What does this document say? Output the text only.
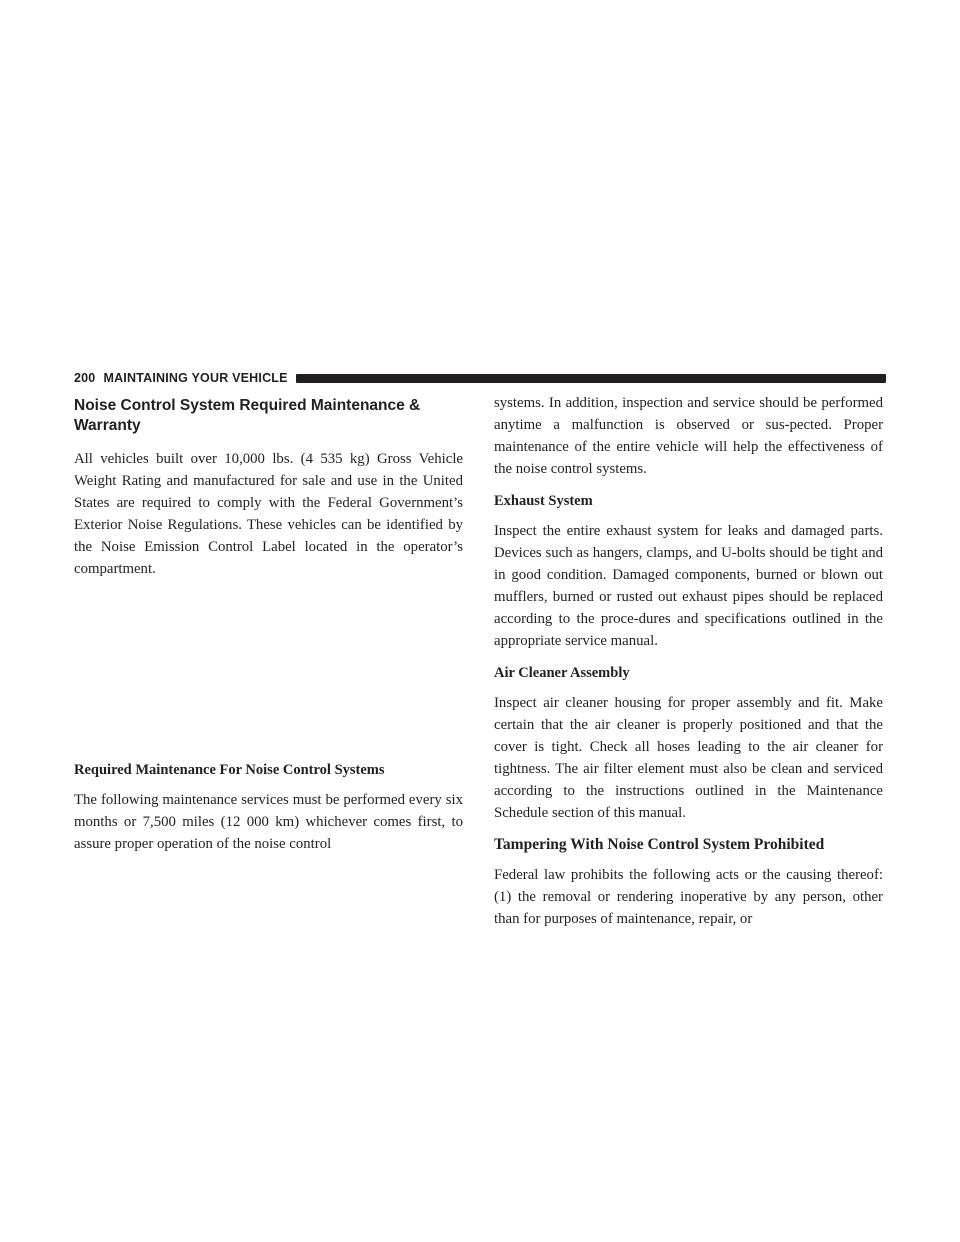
200 MAINTAINING YOUR VEHICLE
Noise Control System Required Maintenance & Warranty

All vehicles built over 10,000 lbs. (4 535 kg) Gross Vehicle Weight Rating and manufactured for sale and use in the United States are required to comply with the Federal Government’s Exterior Noise Regulations. These vehicles can be identified by the Noise Emission Control Label located in the operator’s compartment.

Required Maintenance For Noise Control Systems

The following maintenance services must be performed every six months or 7,500 miles (12 000 km) whichever comes first, to assure proper operation of the noise control

systems. In addition, inspection and service should be performed anytime a malfunction is observed or sus-pected. Proper maintenance of the entire vehicle will help the effectiveness of the noise control systems.

Exhaust System

Inspect the entire exhaust system for leaks and damaged parts. Devices such as hangers, clamps, and U-bolts should be tight and in good condition. Damaged components, burned or blown out mufflers, burned or rusted out exhaust pipes should be replaced according to the proce-dures and specifications outlined in the appropriate service manual.

Air Cleaner Assembly

Inspect air cleaner housing for proper assembly and fit. Make certain that the air cleaner is properly positioned and that the cover is tight. Check all hoses leading to the air cleaner for tightness. The air filter element must also be clean and serviced according to the instructions outlined in the Maintenance Schedule section of this manual.

Tampering With Noise Control System Prohibited

Federal law prohibits the following acts or the causing thereof: (1) the removal or rendering inoperative by any person, other than for purposes of maintenance, repair, or
